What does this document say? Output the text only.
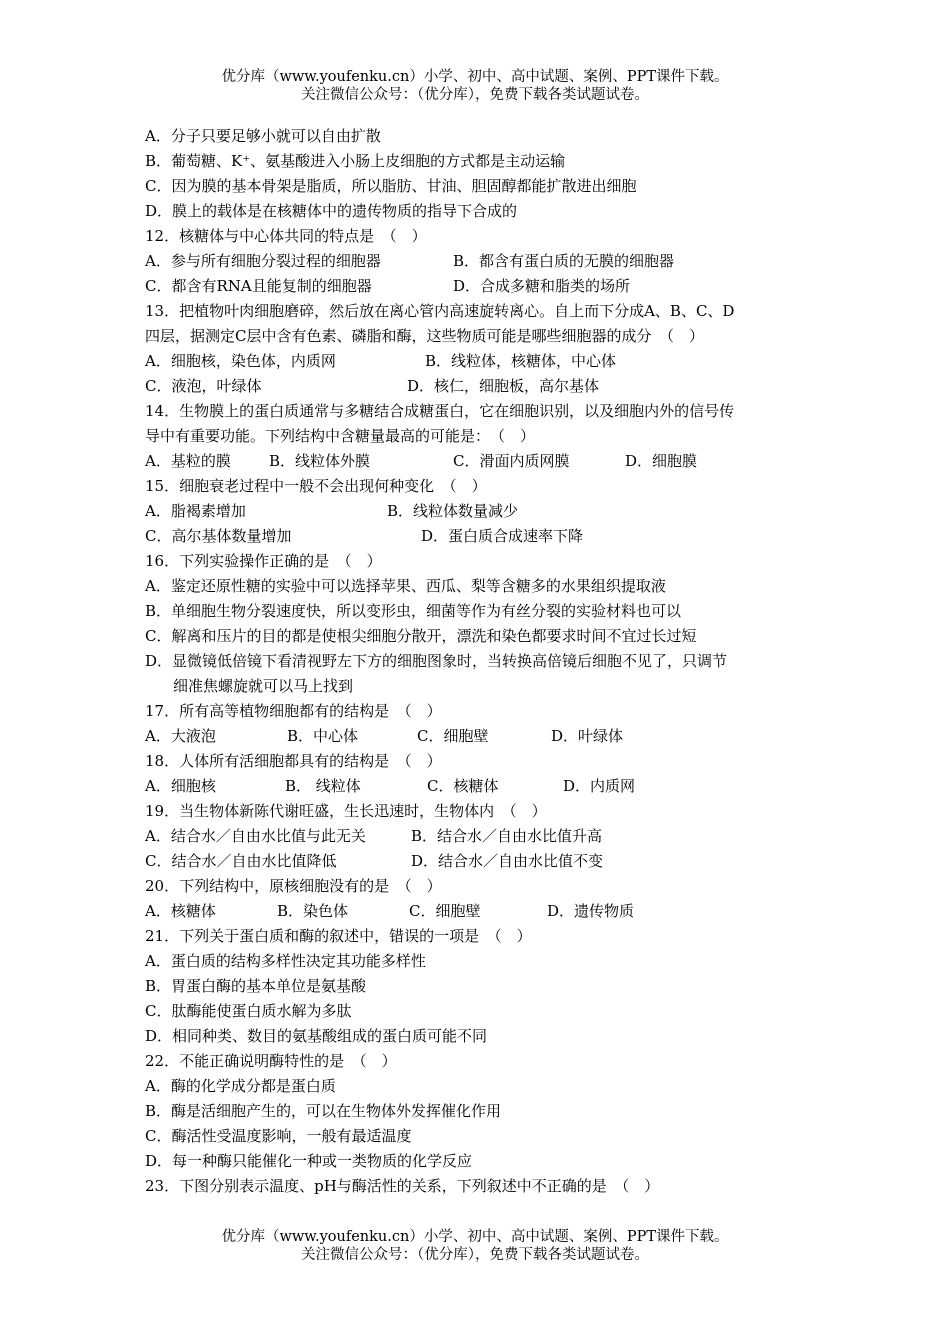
优分库（www.youfenku.cn）小学、初中、高中试题、案例、PPT课件下载。
关注微信公众号：（优分库），免费下载各类试题试卷。
A．分子只要足够小就可以自由扩散
B．葡萄糖、K⁺、氨基酸进入小肠上皮细胞的方式都是主动运输
C．因为膜的基本骨架是脂质，所以脂肪、甘油、胆固醇都能扩散进出细胞
D．膜上的载体是在核糖体中的遗传物质的指导下合成的
12．核糖体与中心体共同的特点是　（　）
A．参与所有细胞分裂过程的细胞器	B．都含有蛋白质的无膜的细胞器
C．都含有RNA且能复制的细胞器	D．合成多糖和脂类的场所
13．把植物叶肉细胞磨碎，然后放在离心管内高速旋转离心。自上而下分成A、B、C、D
四层，据测定C层中含有色素、磷脂和酶，这些物质可能是哪些细胞器的成分　（　）
A．细胞核，染色体，内质网	B．线粒体，核糖体，中心体
C．液泡，叶绿体	D．核仁，细胞板，高尔基体
14．生物膜上的蛋白质通常与多糖结合成糖蛋白，它在细胞识别，以及细胞内外的信号传
导中有重要功能。下列结构中含糖量最高的可能是：　（　）
A．基粒的膜	B．线粒体外膜	C．滑面内质网膜	D．细胞膜
15．细胞衰老过程中一般不会出现何种变化　（　）
A．脂褐素增加	B．线粒体数量减少
C．高尔基体数量增加	D．蛋白质合成速率下降
16．下列实验操作正确的是　（　）
A．鉴定还原性糖的实验中可以选择苹果、西瓜、梨等含糖多的水果组织提取液
B．单细胞生物分裂速度快，所以变形虫，细菌等作为有丝分裂的实验材料也可以
C．解离和压片的目的都是使根尖细胞分散开，漂洗和染色都要求时间不宜过长过短
D．显微镜低倍镜下看清视野左下方的细胞图象时，当转换高倍镜后细胞不见了，只调节
细准焦螺旋就可以马上找到
17．所有高等植物细胞都有的结构是　（　）
A．大液泡	B．中心体	C．细胞壁	D．叶绿体
18．人体所有活细胞都具有的结构是　（　）
A．细胞核	B． 线粒体	C．核糖体	D．内质网
19．当生物体新陈代谢旺盛，生长迅速时，生物体内　（　）
A．结合水／自由水比值与此无关	B．结合水／自由水比值升高
C．结合水／自由水比值降低	D．结合水／自由水比值不变
20．下列结构中，原核细胞没有的是　（　）
A．核糖体	B．染色体	C．细胞壁	D．遗传物质
21．下列关于蛋白质和酶的叙述中，错误的一项是　（　）
A．蛋白质的结构多样性决定其功能多样性
B．胃蛋白酶的基本单位是氨基酸
C．肽酶能使蛋白质水解为多肽
D．相同种类、数目的氨基酸组成的蛋白质可能不同
22．不能正确说明酶特性的是　（　）
A．酶的化学成分都是蛋白质
B．酶是活细胞产生的，可以在生物体外发挥催化作用
C．酶活性受温度影响，一般有最适温度
D．每一种酶只能催化一种或一类物质的化学反应
23．下图分别表示温度、pH与酶活性的关系，下列叙述中不正确的是　（　）
优分库（www.youfenku.cn）小学、初中、高中试题、案例、PPT课件下载。
关注微信公众号：（优分库），免费下载各类试题试卷。
